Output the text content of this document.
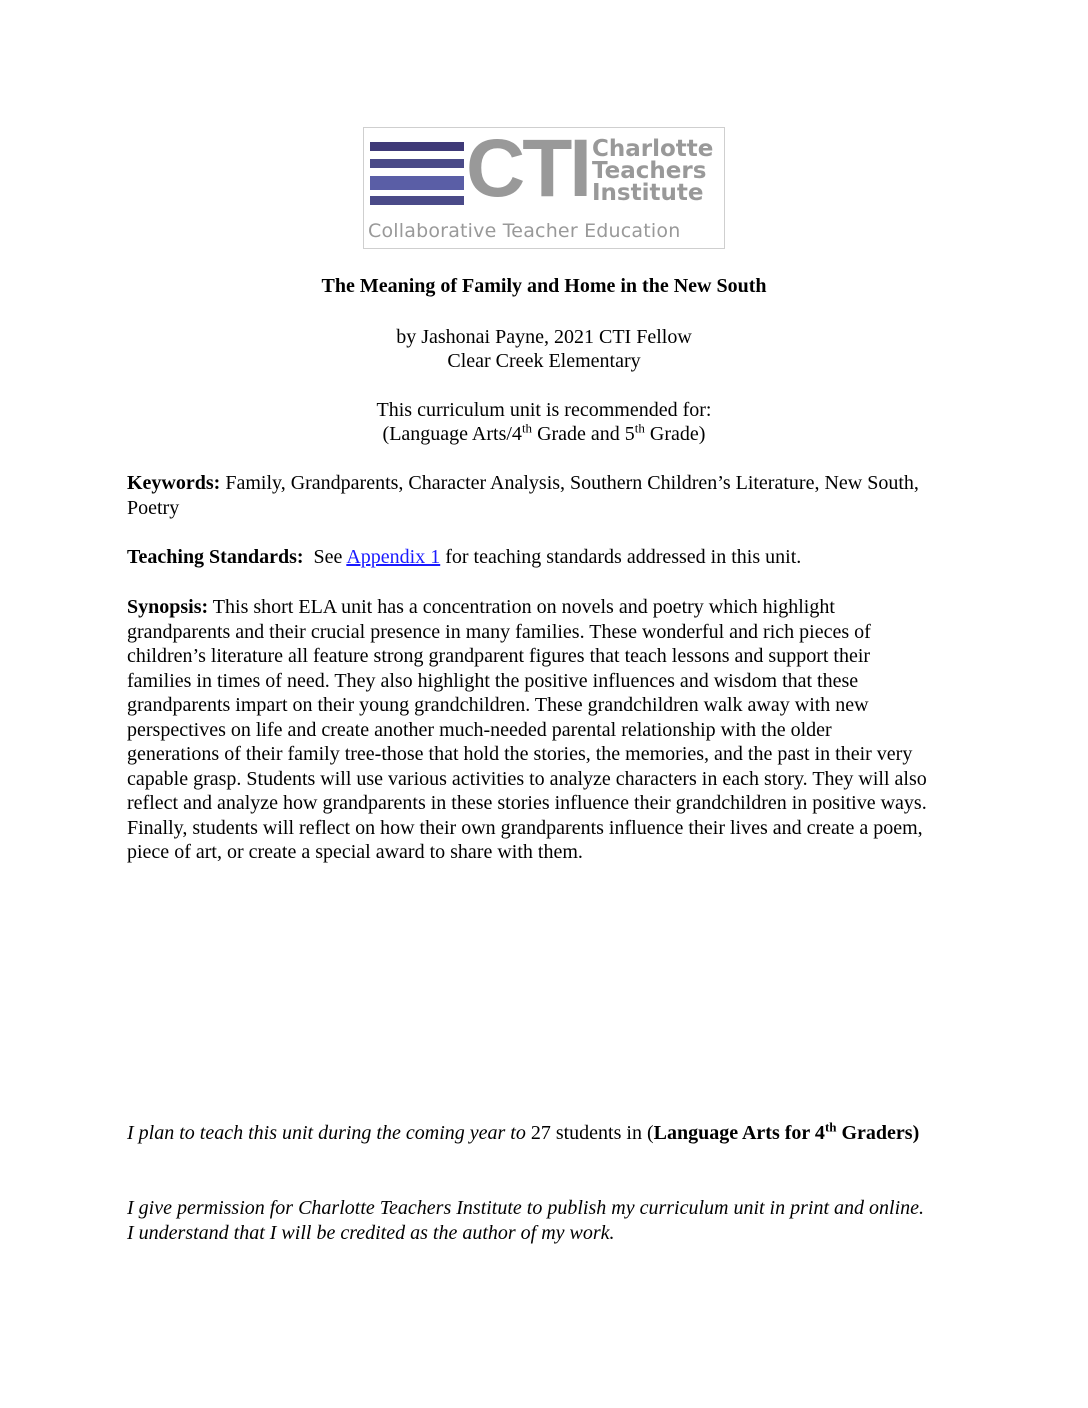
CTI Charlotte
Teachers
Institute
Collaborative Teacher Education
The Meaning of Family and Home in the New South
by Jashonai Payne, 2021 CTI Fellow
Clear Creek Elementary
This curriculum unit is recommended for:
(Language Arts/4th Grade and 5th Grade)
Keywords: Family, Grandparents, Character Analysis, Southern Children’s Literature, New South, Poetry
Teaching Standards:  See Appendix 1 for teaching standards addressed in this unit.
Synopsis: This short ELA unit has a concentration on novels and poetry which highlight grandparents and their crucial presence in many families. These wonderful and rich pieces of children’s literature all feature strong grandparent figures that teach lessons and support their families in times of need. They also highlight the positive influences and wisdom that these grandparents impart on their young grandchildren. These grandchildren walk away with new perspectives on life and create another much-needed parental relationship with the older generations of their family tree-those that hold the stories, the memories, and the past in their very capable grasp. Students will use various activities to analyze characters in each story. They will also reflect and analyze how grandparents in these stories influence their grandchildren in positive ways. Finally, students will reflect on how their own grandparents influence their lives and create a poem, piece of art, or create a special award to share with them.
I plan to teach this unit during the coming year to 27 students in (Language Arts for 4th Graders)
I give permission for Charlotte Teachers Institute to publish my curriculum unit in print and online. I understand that I will be credited as the author of my work.
